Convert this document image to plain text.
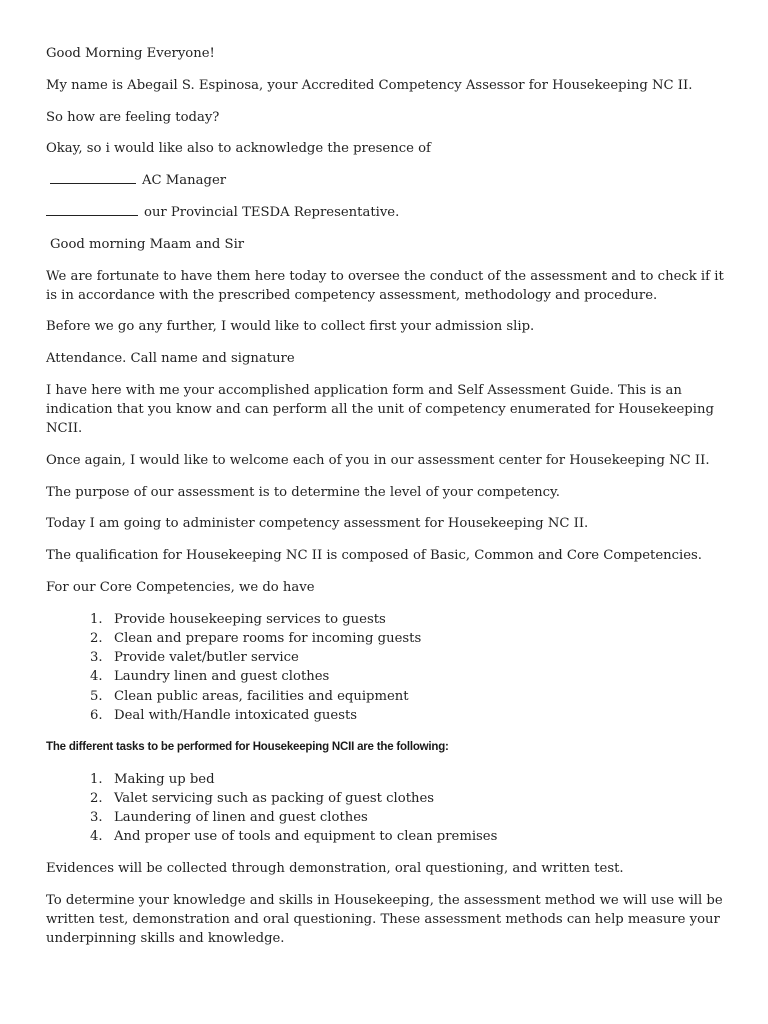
Good Morning Everyone!

My name is Abegail S. Espinosa, your Accredited Competency Assessor for Housekeeping NC II.

So how are feeling today?

Okay, so i would like also to acknowledge the presence of

AC Manager

our Provincial TESDA Representative.

Good morning Maam and Sir

We are fortunate to have them here today to oversee the conduct of the assessment and to check if it is in accordance with the prescribed competency assessment, methodology and procedure.

Before we go any further, I would like to collect first your admission slip.

Attendance. Call name and signature

I have here with me your accomplished application form and Self Assessment Guide. This is an indication that you know and can perform all the unit of competency enumerated for Housekeeping NCII.

Once again, I would like to welcome each of you in our assessment center for Housekeeping NC II.

The purpose of our assessment is to determine the level of your competency.

Today I am going to administer competency assessment for Housekeeping NC II.

The qualification for Housekeeping NC II is composed of Basic, Common and Core Competencies.

For our Core Competencies, we do have

1. Provide housekeeping services to guests
2. Clean and prepare rooms for incoming guests
3. Provide valet/butler service
4. Laundry linen and guest clothes
5. Clean public areas, facilities and equipment
6. Deal with/Handle intoxicated guests

The different tasks to be performed for Housekeeping NCII are the following:

1. Making up bed
2. Valet servicing such as packing of guest clothes
3. Laundering of linen and guest clothes
4. And proper use of tools and equipment to clean premises

Evidences will be collected through demonstration, oral questioning, and written test.

To determine your knowledge and skills in Housekeeping, the assessment method we will use will be written test, demonstration and oral questioning. These assessment methods can help measure your underpinning skills and knowledge.
